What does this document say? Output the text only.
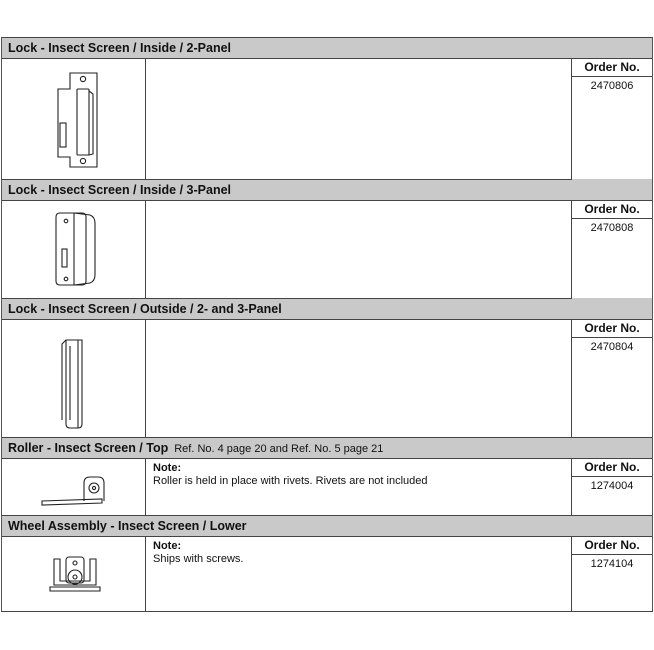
Lock - Insect Screen / Inside / 2-Panel
Order No.
2470806
Lock - Insect Screen / Inside / 3-Panel
Order No.
2470808
Lock - Insect Screen / Outside / 2- and 3-Panel
Order No.
2470804
Roller - Insect Screen / Top Ref. No. 4 page 20 and Ref. No. 5 page 21
Note:
Roller is held in place with rivets. Rivets are not included
Order No.
1274004
Wheel Assembly - Insect Screen / Lower
Note:
Ships with screws.
Order No.
1274104
